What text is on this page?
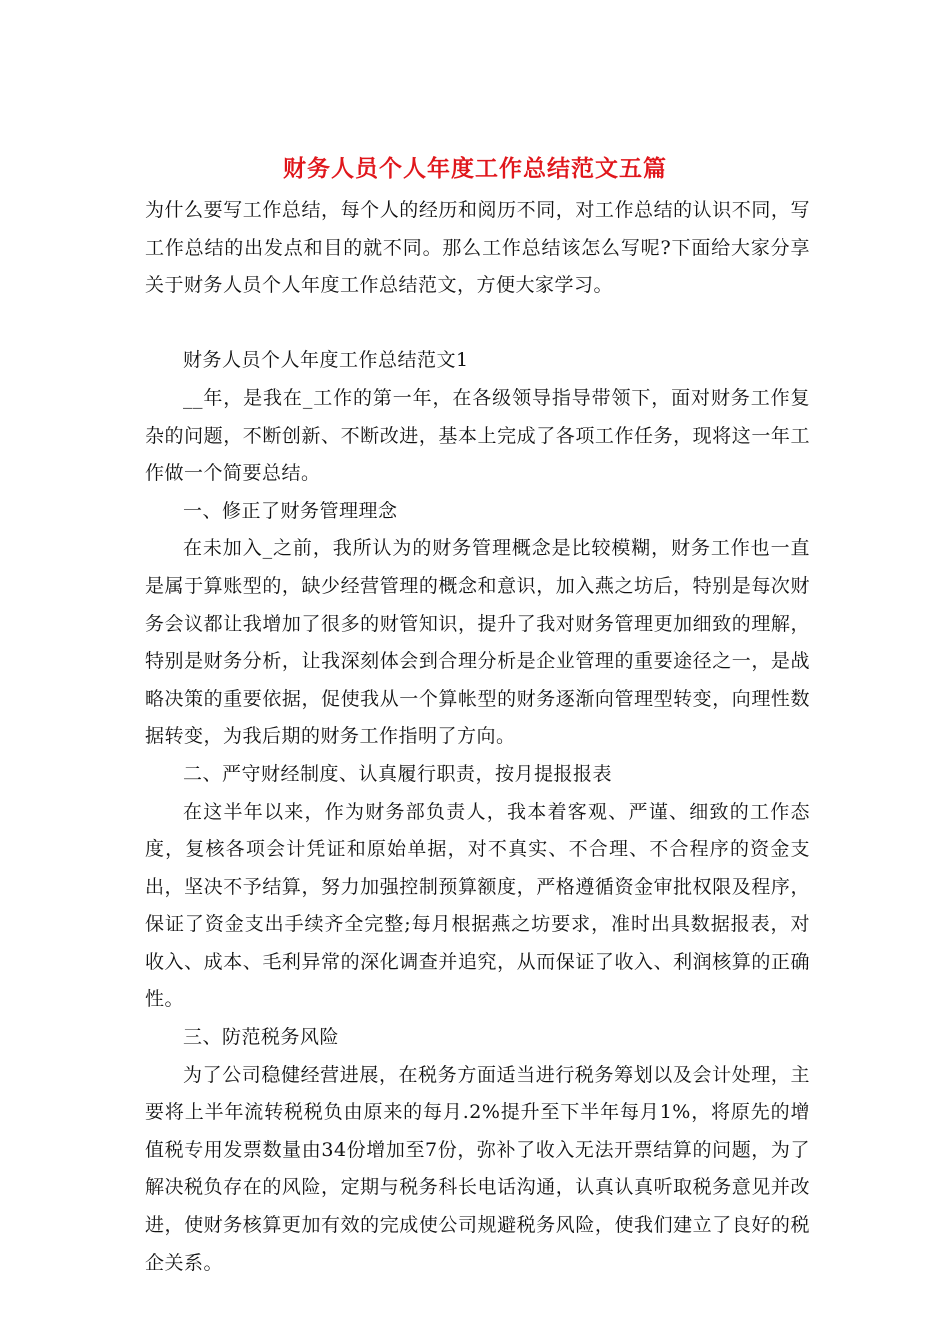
财务人员个人年度工作总结范文五篇

为什么要写工作总结，每个人的经历和阅历不同，对工作总结的认识不同，写工作总结的出发点和目的就不同。那么工作总结该怎么写呢?下面给大家分享关于财务人员个人年度工作总结范文，方便大家学习。

财务人员个人年度工作总结范文1

__年，是我在_工作的第一年，在各级领导指导带领下，面对财务工作复杂的问题，不断创新、不断改进，基本上完成了各项工作任务，现将这一年工作做一个简要总结。

一、修正了财务管理理念

在未加入_之前，我所认为的财务管理概念是比较模糊，财务工作也一直是属于算账型的，缺少经营管理的概念和意识，加入燕之坊后，特别是每次财务会议都让我增加了很多的财管知识，提升了我对财务管理更加细致的理解，特别是财务分析，让我深刻体会到合理分析是企业管理的重要途径之一，是战略决策的重要依据，促使我从一个算帐型的财务逐渐向管理型转变，向理性数据转变，为我后期的财务工作指明了方向。

二、严守财经制度、认真履行职责，按月提报报表

在这半年以来，作为财务部负责人，我本着客观、严谨、细致的工作态度，复核各项会计凭证和原始单据，对不真实、不合理、不合程序的资金支出，坚决不予结算，努力加强控制预算额度，严格遵循资金审批权限及程序，保证了资金支出手续齐全完整;每月根据燕之坊要求，准时出具数据报表，对收入、成本、毛利异常的深化调查并追究，从而保证了收入、利润核算的正确性。

三、防范税务风险

为了公司稳健经营进展，在税务方面适当进行税务筹划以及会计处理，主要将上半年流转税税负由原来的每月.2%提升至下半年每月1%，将原先的增值税专用发票数量由34份增加至7份，弥补了收入无法开票结算的问题，为了解决税负存在的风险，定期与税务科长电话沟通，认真认真听取税务意见并改进，使财务核算更加有效的完成使公司规避税务风险，使我们建立了良好的税企关系。
